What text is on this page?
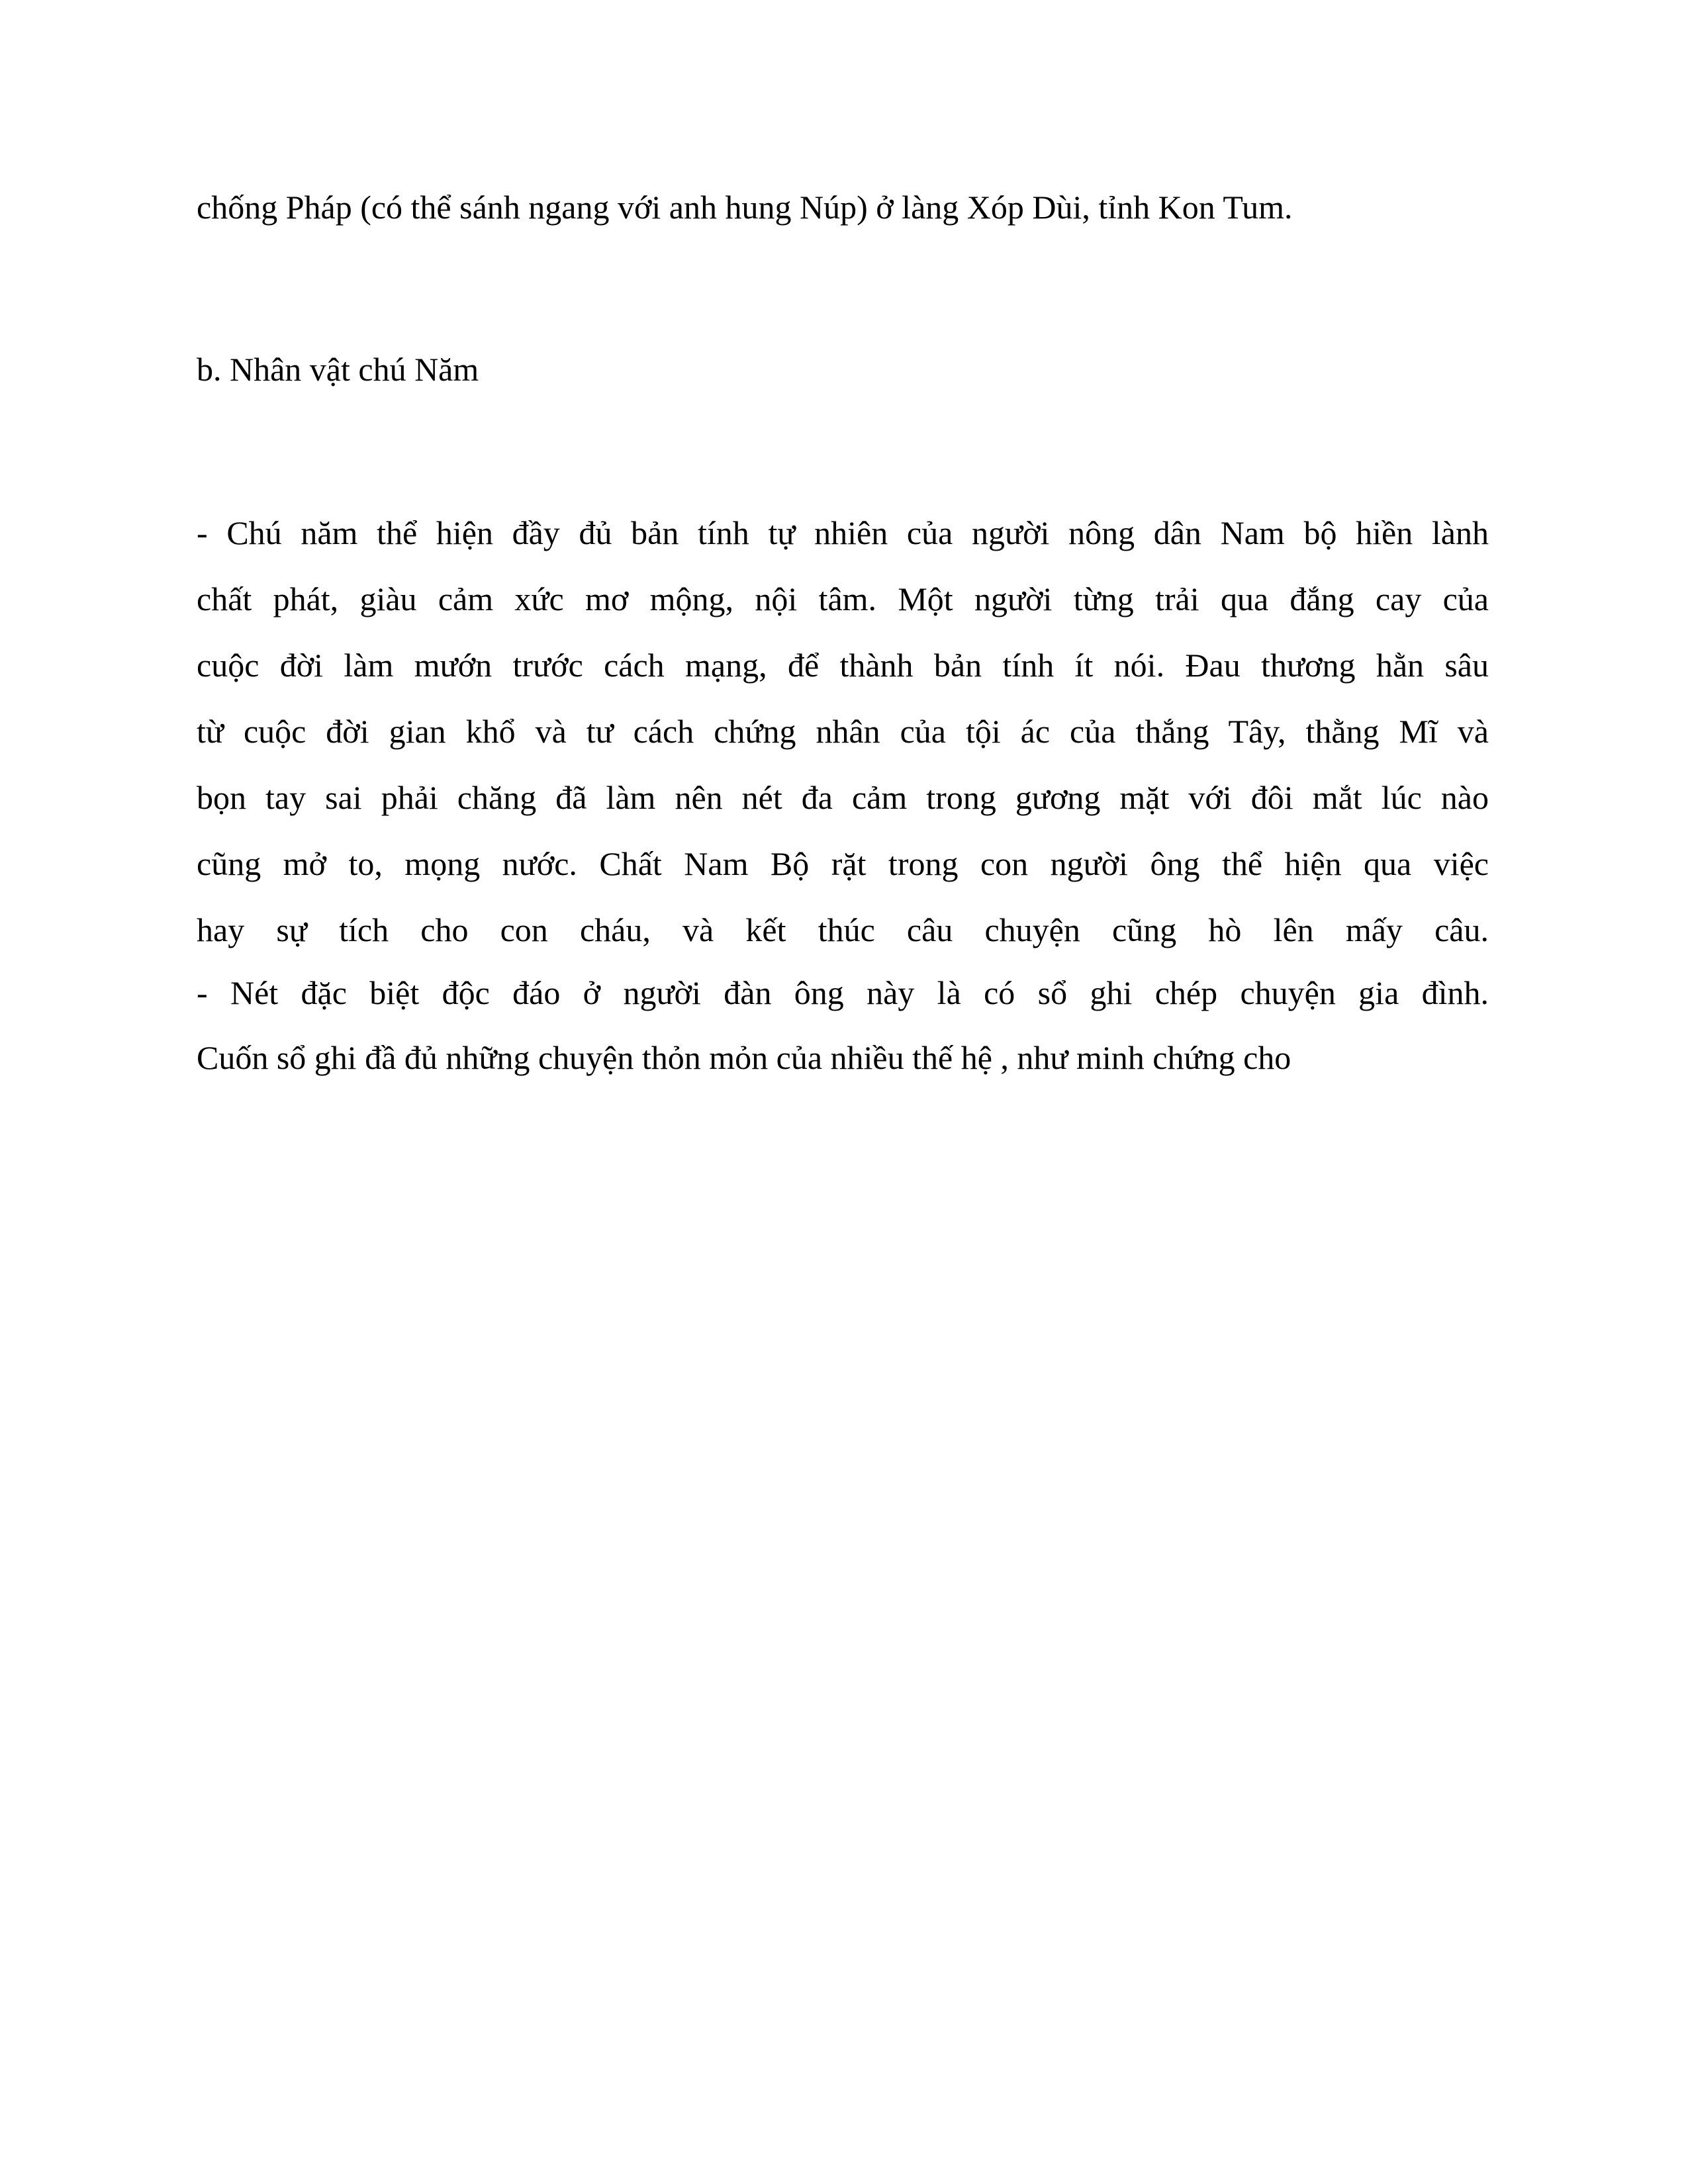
chống Pháp (có thể sánh ngang với anh hung Núp) ở làng Xóp Dùi, tỉnh Kon Tum.
b. Nhân vật chú Năm
- Chú năm thể hiện đầy đủ bản tính tự nhiên của người nông dân Nam bộ hiền lành
chất phát, giàu cảm xức mơ mộng, nội tâm. Một người từng trải qua đắng cay của
cuộc đời làm mướn trước cách mạng, để thành bản tính ít nói. Đau thương hằn sâu
từ cuộc đời gian khổ và tư cách chứng nhân của tội ác của thắng Tây, thằng Mĩ và
bọn tay sai phải chăng đã làm nên nét đa cảm trong gương mặt với đôi mắt lúc nào
cũng mở to, mọng nước. Chất Nam Bộ rặt trong con người ông thể hiện qua việc
hay sự tích cho con cháu, và kết thúc câu chuyện cũng hò lên mấy câu.
- Nét đặc biệt độc đáo ở người đàn ông này là có sổ ghi chép chuyện gia đình.
Cuốn sổ ghi đầ đủ những chuyện thỏn mỏn của nhiều thế hệ , như minh chứng cho
